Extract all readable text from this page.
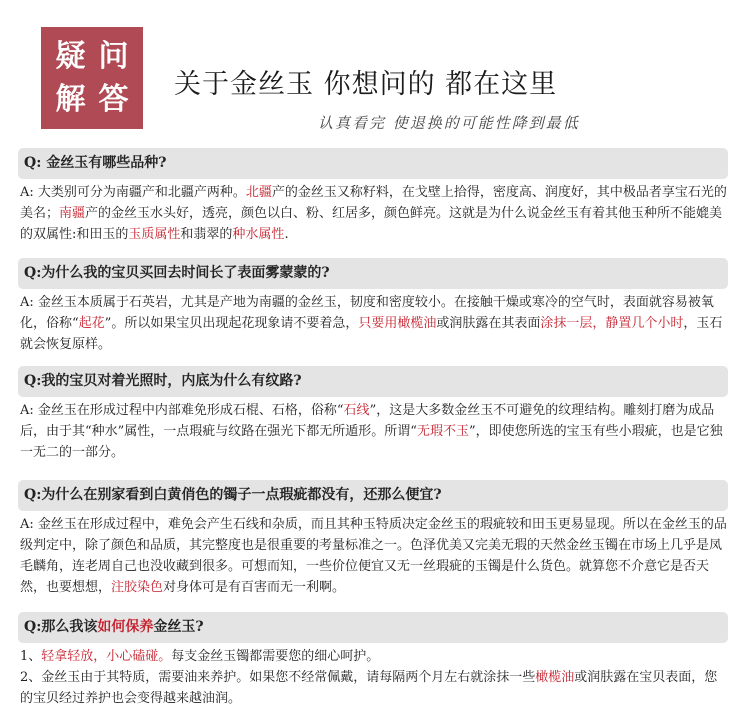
疑 问
解 答 关于金丝玉 你想问的 都在这里
认真看完 使退换的可能性降到最低
Q: 金丝玉有哪些品种?

A: 大类别可分为南疆产和北疆产两种。北疆产的金丝玉又称籽料，在戈壁上拾得，密度高、润度好，其中极品者享宝石光的美名；南疆产的金丝玉水头好，透亮，颜色以白、粉、红居多，颜色鲜亮。这就是为什么说金丝玉有着其他玉种所不能媲美的双属性:和田玉的玉质属性和翡翠的种水属性.

Q:为什么我的宝贝买回去时间长了表面雾蒙蒙的?

A: 金丝玉本质属于石英岩，尤其是产地为南疆的金丝玉，韧度和密度较小。在接触干燥或寒冷的空气时，表面就容易被氧化，俗称“起花”。所以如果宝贝出现起花现象请不要着急，只要用橄榄油或润肤露在其表面涂抹一层，静置几个小时，玉石就会恢复原样。

Q:我的宝贝对着光照时，内底为什么有纹路?

A: 金丝玉在形成过程中内部难免形成石棍、石格，俗称“石线”，这是大多数金丝玉不可避免的纹理结构。雕刻打磨为成品后，由于其“种水”属性，一点瑕疵与纹路在强光下都无所遁形。所谓“无瑕不玉”，即使您所选的宝玉有些小瑕疵，也是它独一无二的一部分。

Q:为什么在别家看到白黄俏色的镯子一点瑕疵都没有，还那么便宜?

A: 金丝玉在形成过程中，难免会产生石线和杂质，而且其种玉特质决定金丝玉的瑕疵较和田玉更易显现。所以在金丝玉的品级判定中，除了颜色和品质，其完整度也是很重要的考量标准之一。色泽优美又完美无瑕的天然金丝玉镯在市场上几乎是凤毛麟角，连老周自己也没收藏到很多。可想而知，一些价位便宜又无一丝瑕疵的玉镯是什么货色。就算您不介意它是否天然，也要想想，注胶染色对身体可是有百害而无一利啊。

Q:那么我该如何保养金丝玉?

1、轻拿轻放，小心磕碰。每支金丝玉镯都需要您的细心呵护。

2、金丝玉由于其特质，需要油来养护。如果您不经常佩戴，请每隔两个月左右就涂抹一些橄榄油或润肤露在宝贝表面，您的宝贝经过养护也会变得越来越油润。
